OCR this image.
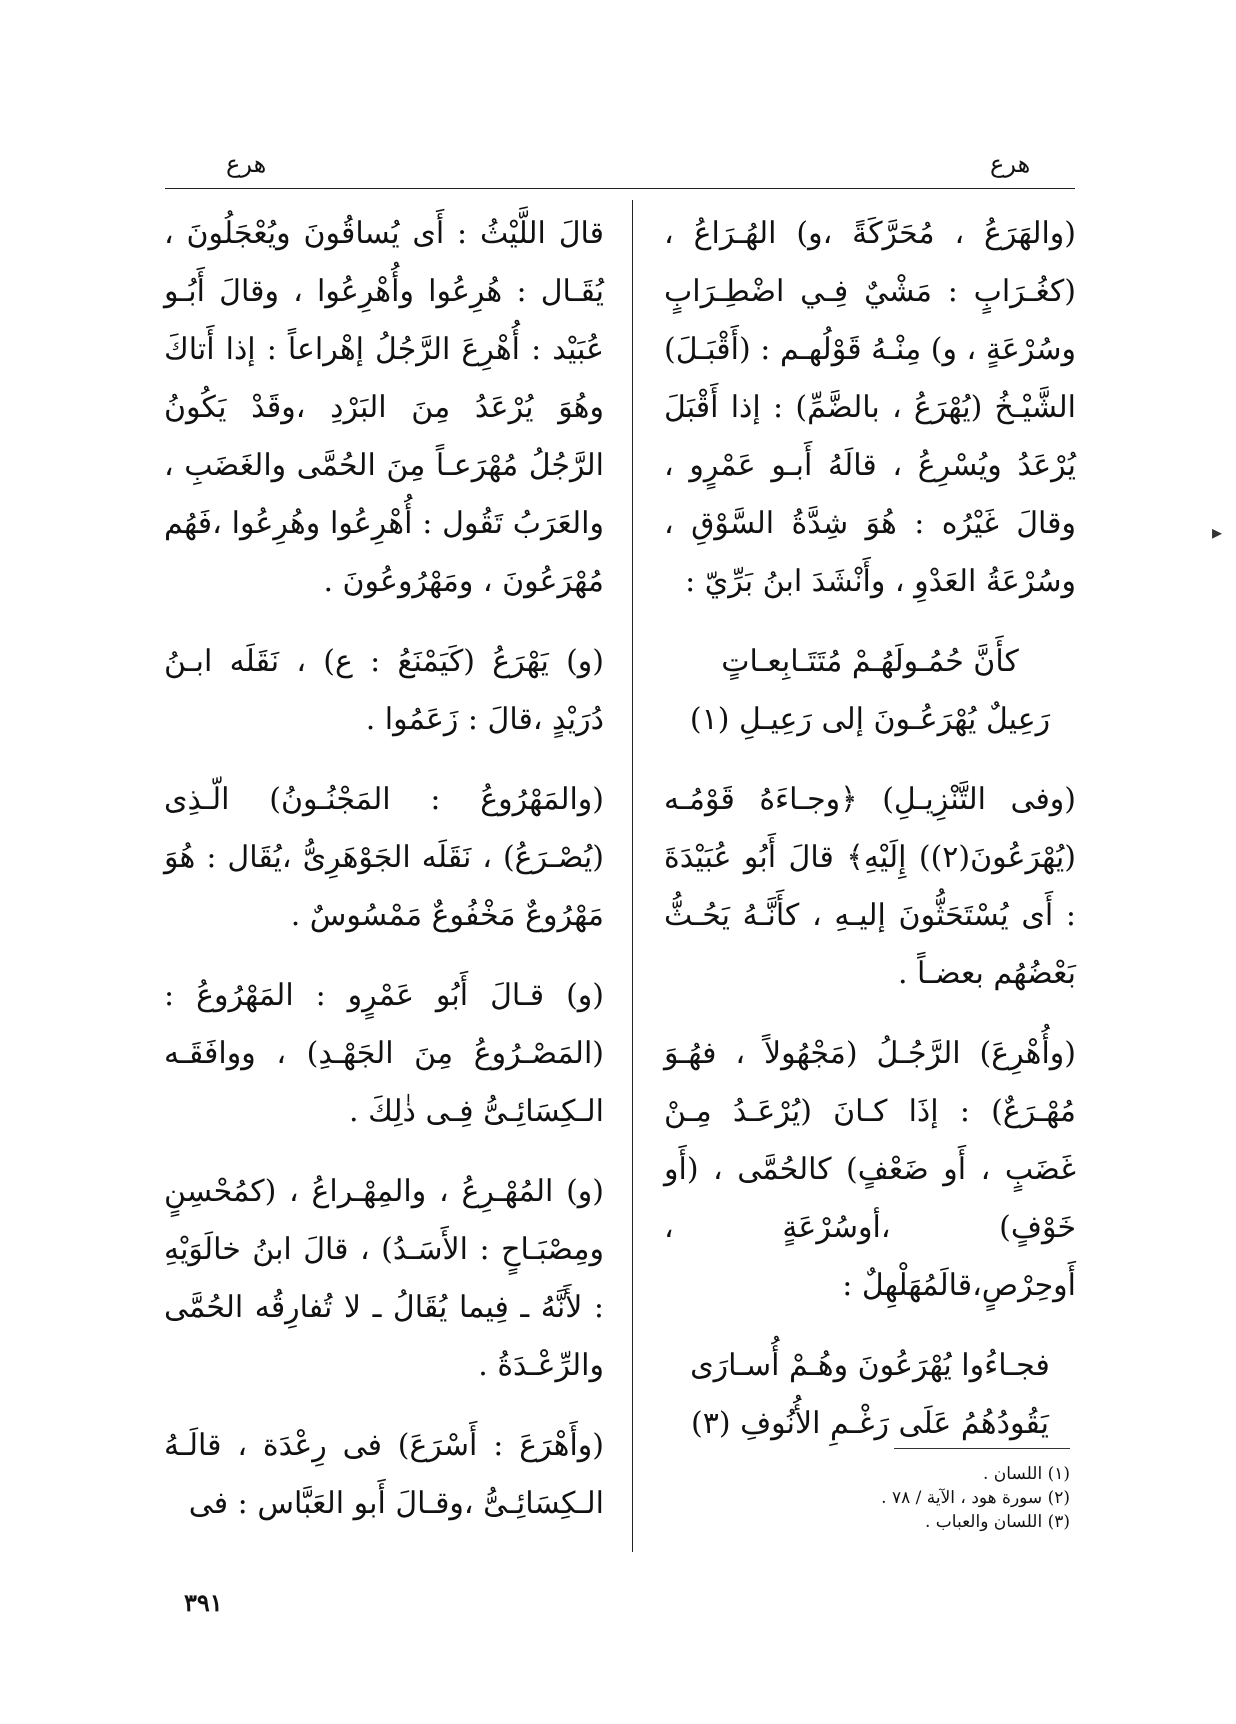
هرع	هرع

(والهَرَعُ ، مُحَرَّكَةً ،و) الهُـرَاعُ ، (كغُـرَابٍ : مَشْيٌ فِـي اضْطِـرَابٍ وسُرْعَةٍ ، و) مِنْـهُ قَوْلُهـم : (أَقْبَـلَ) الشَّيْـخُ (يُهْرَعُ ، بالضَّمِّ) : إذا أَقْبَلَ يُرْعَدُ ويُسْرِعُ ، قالَهُ أَبـو عَمْرٍو ، وقالَ غَيْرُه : هُوَ شِدَّةُ السَّوْقِ ، وسُرْعَةُ العَدْوِ ، وأَنْشَدَ ابنُ بَرِّيّ :

كأَنَّ حُمُـولَهُـمْ مُتَتَـابِعـاتٍ
رَعِيلٌ يُهْرَعُـونَ إلى رَعِيـلِ (١)

(وفى التَّنْزِيـلِ) ﴿وجـاءَهُ قَوْمُـه (يُهْرَعُونَ(٢)) إِلَيْهِ﴾ قالَ أَبُو عُبَيْدَةَ : أَى يُسْتَحَثُّونَ إليـهِ ، كأَنَّـهُ يَحُـثُّ بَعْضُهُم بعضـاً .

(وأُهْرِعَ) الرَّجُـلُ (مَجْهُولاً ، فهُـوَ مُهْـرَعٌ) : إذَا كـانَ (يُرْعَـدُ مِـنْ غَضَبٍ ، أَو ضَعْفٍ) كالحُمَّى ، (أَو خَوْفٍ) ،أوسُرْعَةٍ ، أَوحِرْصٍ،قالَمُهَلْهِلٌ :

فجـاءُوا يُهْرَعُونَ وهُـمْ أُسـارَى
يَقُودُهُمُ عَلَى رَغْـمِ الأُنُوفِ (٣)

قالَ اللَّيْثُ : أَى يُساقُونَ ويُعْجَلُونَ ، يُقَـال : هُرِعُوا وأُهْرِعُوا ، وقالَ أَبُـو عُبَيْد : أُهْرِعَ الرَّجُلُ إهْراعاً : إذا أَتاكَ وهُوَ يُرْعَدُ مِنَ البَرْدِ ،وقَدْ يَكُونُ الرَّجُلُ مُهْرَعـاً مِنَ الحُمَّى والغَضَبِ ، والعَرَبُ تَقُول : أُهْرِعُوا وهُرِعُوا ،فَهُم مُهْرَعُونَ ، ومَهْرُوعُونَ .

(و) يَهْرَعُ (كَيَمْنَعُ : ع) ، نَقَلَه ابـنُ دُرَيْدٍ ،قالَ : زَعَمُوا .

(والمَهْرُوعُ : المَجْنُـونُ) الّـذِى (يُصْـرَعُ) ، نَقَلَه الجَوْهَرِىُّ ،يُقَال : هُوَ مَهْرُوعٌ مَخْفُوعٌ مَمْسُوسٌ .

(و) قـالَ أَبُو عَمْرٍو : المَهْرُوعُ : (المَصْـرُوعُ مِنَ الجَهْـدِ) ، ووافَقَـه الـكِسَائِـىُّ فِـى ذٰلِكَ .

(و) المُهْـرِعُ ، والمِهْـراعُ ، (كمُحْسِنٍ ومِصْبَـاحٍ : الأَسَـدُ) ، قالَ ابنُ خالَوَيْهِ : لأَنَّهُ ـ فِيما يُقَالُ ـ لا تُفارِقُه الحُمَّى والرِّعْـدَةُ .

(وأَهْرَعَ : أَسْرَعَ) فى رِعْدَة ، قالَـهُ الـكِسَائِـىُّ ،وقـالَ أَبو العَبَّاس : فى

(١) اللسان .
(٢) سورة هود ، الآية / ٧٨ .
(٣) اللسان والعباب .
٣٩١
▸
